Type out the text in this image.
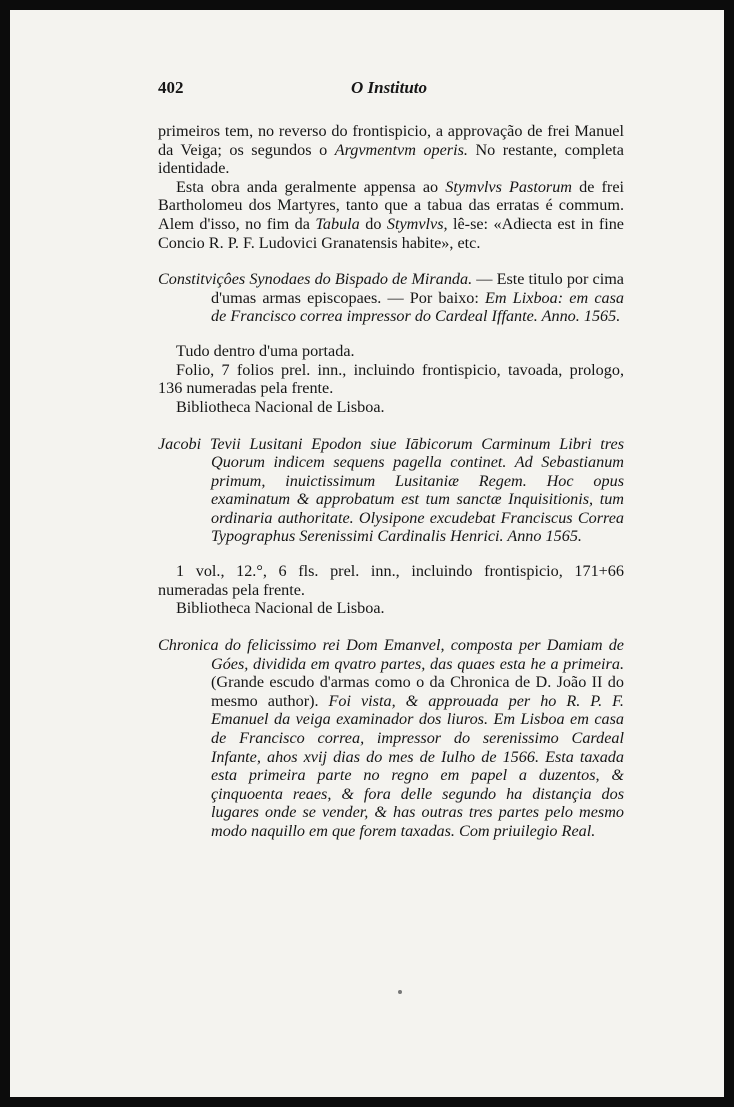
402	O Instituto

primeiros tem, no reverso do frontispicio, a approvação de frei Manuel da Veiga; os segundos o Argvmentvm operis. No restante, completa identidade.

Esta obra anda geralmente appensa ao Stymvlvs Pastorum de frei Bartholomeu dos Martyres, tanto que a tabua das erratas é commum. Alem d'isso, no fim da Tabula do Stymvlvs, lê-se: «Adiecta est in fine Concio R. P. F. Ludovici Granatensis habite», etc.

Constitviçôes Synodaes do Bispado de Miranda. — Este titulo por cima d'umas armas episcopaes. — Por baixo: Em Lixboa: em casa de Francisco correa impressor do Cardeal Iffante. Anno. 1565.

Tudo dentro d'uma portada.

Folio, 7 folios prel. inn., incluindo frontispicio, tavoada, prologo, 136 numeradas pela frente.

Bibliotheca Nacional de Lisboa.

Jacobi Tevii Lusitani Epodon siue Iābicorum Carminum Libri tres Quorum indicem sequens pagella continet. Ad Sebastianum primum, inuictissimum Lusitaniæ Regem. Hoc opus examinatum & approbatum est tum sanctæ Inquisitionis, tum ordinaria authoritate. Olysipone excudebat Franciscus Correa Typographus Serenissimi Cardinalis Henrici. Anno 1565.

1 vol., 12.°, 6 fls. prel. inn., incluindo frontispicio, 171+66 numeradas pela frente.

Bibliotheca Nacional de Lisboa.

Chronica do felicissimo rei Dom Emanvel, composta per Damiam de Góes, dividida em qvatro partes, das quaes esta he a primeira. (Grande escudo d'armas como o da Chronica de D. João II do mesmo author). Foi vista, & approuada per ho R. P. F. Emanuel da veiga examinador dos liuros. Em Lisboa em casa de Francisco correa, impressor do serenissimo Cardeal Infante, ahos xvij dias do mes de Iulho de 1566. Esta taxada esta primeira parte no regno em papel a duzentos, & çinquoenta reaes, & fora delle segundo ha distançia dos lugares onde se vender, & has outras tres partes pelo mesmo modo naquillo em que forem taxadas. Com priuilegio Real.
